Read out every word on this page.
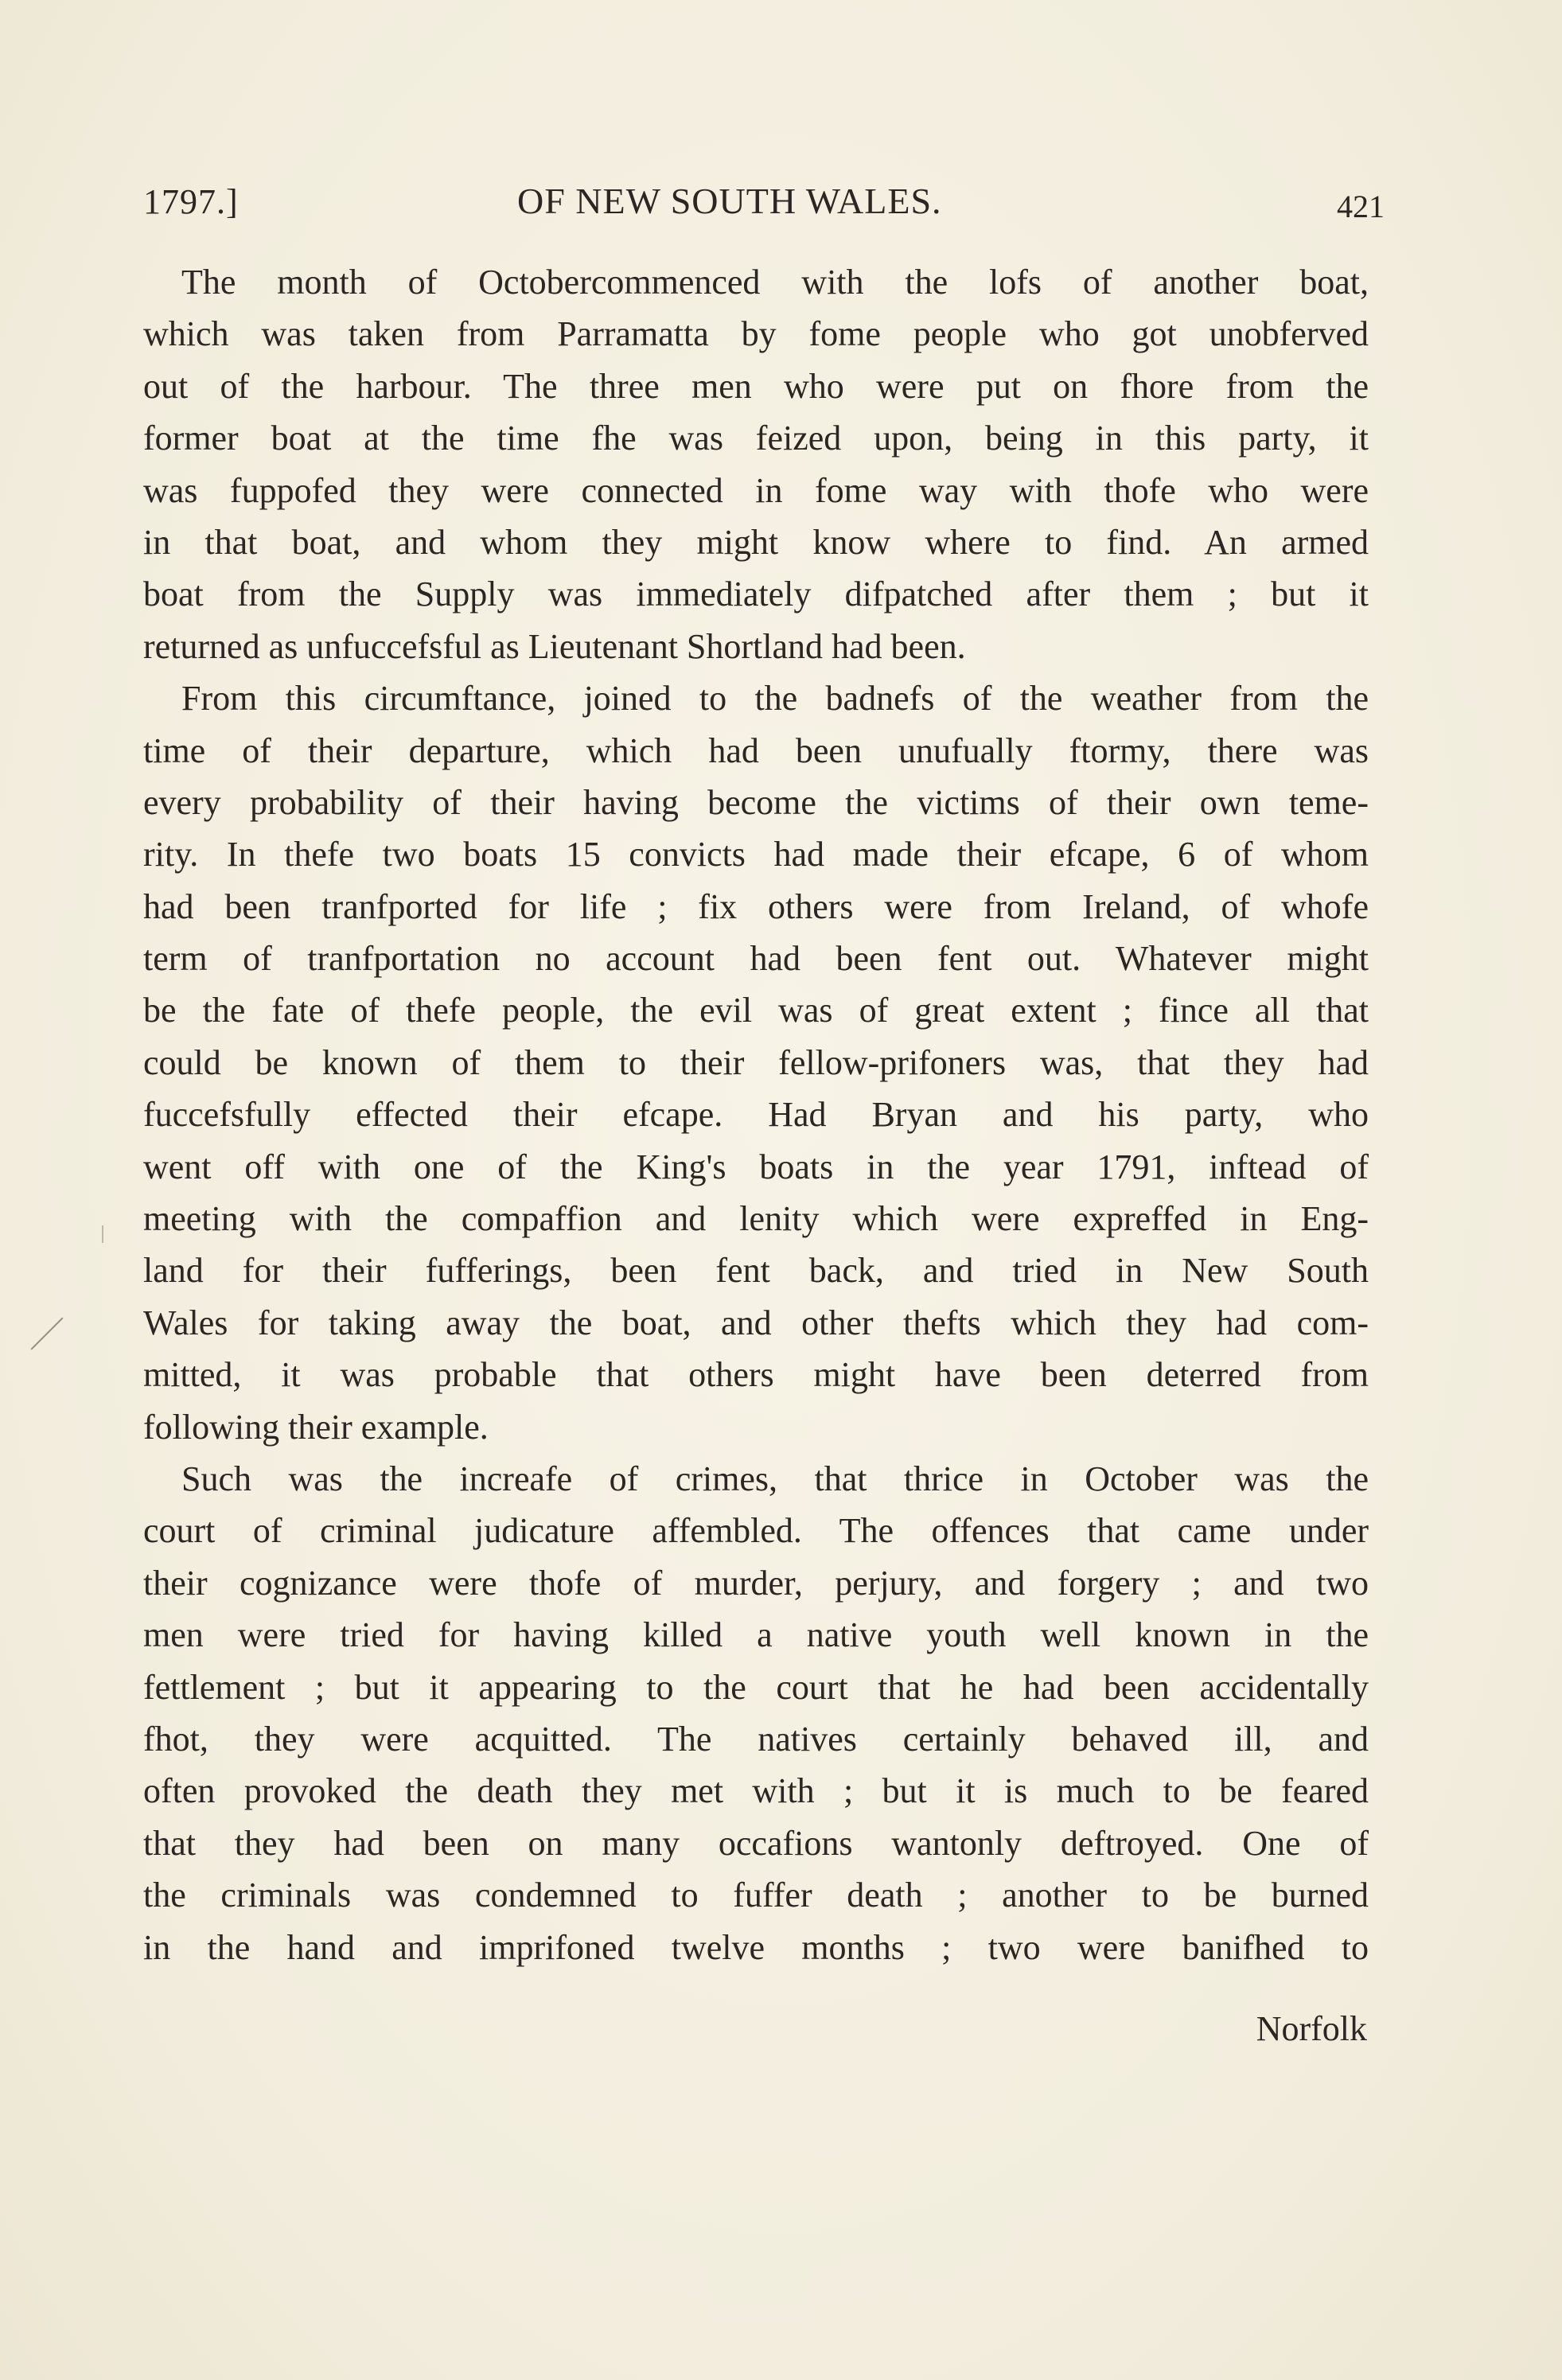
1797.]	OF NEW SOUTH WALES.	421
The month of Octobercommenced with the lofs of another boat,
which was taken from Parramatta by fome people who got unobferved
out of the harbour. The three men who were put on fhore from the
former boat at the time fhe was feized upon, being in this party, it
was fuppofed they were connected in fome way with thofe who were
in that boat, and whom they might know where to find. An armed
boat from the Supply was immediately difpatched after them ; but it
returned as unfuccefsful as Lieutenant Shortland had been.
From this circumftance, joined to the badnefs of the weather from the
time of their departure, which had been unufually ftormy, there was
every probability of their having become the victims of their own teme-
rity. In thefe two boats 15 convicts had made their efcape, 6 of whom
had been tranfported for life ; fix others were from Ireland, of whofe
term of tranfportation no account had been fent out. Whatever might
be the fate of thefe people, the evil was of great extent ; fince all that
could be known of them to their fellow-prifoners was, that they had
fuccefsfully effected their efcape. Had Bryan and his party, who
went off with one of the King's boats in the year 1791, inftead of
meeting with the compaffion and lenity which were expreffed in Eng-
land for their fufferings, been fent back, and tried in New South
Wales for taking away the boat, and other thefts which they had com-
mitted, it was probable that others might have been deterred from
following their example.
Such was the increafe of crimes, that thrice in October was the
court of criminal judicature affembled. The offences that came under
their cognizance were thofe of murder, perjury, and forgery ; and two
men were tried for having killed a native youth well known in the
fettlement ; but it appearing to the court that he had been accidentally
fhot, they were acquitted. The natives certainly behaved ill, and
often provoked the death they met with ; but it is much to be feared
that they had been on many occafions wantonly deftroyed. One of
the criminals was condemned to fuffer death ; another to be burned
in the hand and imprifoned twelve months ; two were banifhed to
Norfolk
